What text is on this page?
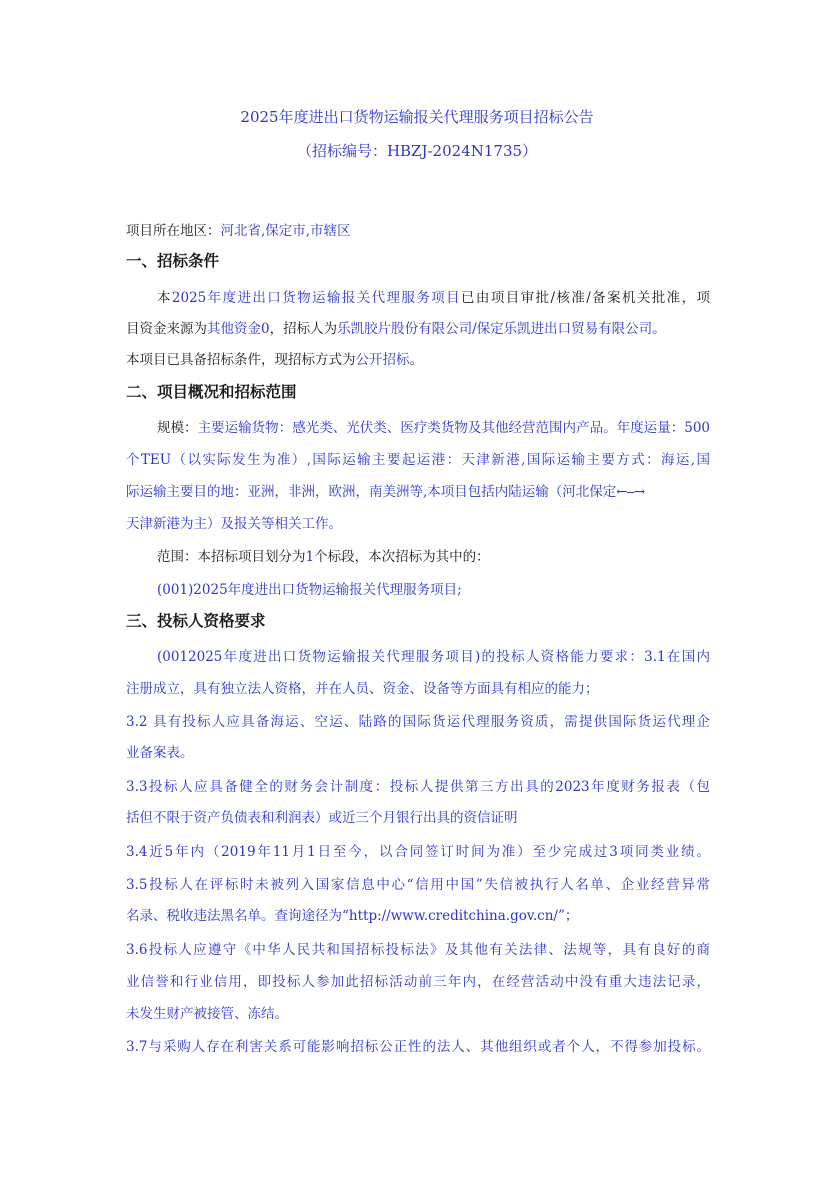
2025年度进出口货物运输报关代理服务项目招标公告
（招标编号：HBZJ-2024N1735）
项目所在地区：河北省,保定市,市辖区
一、招标条件
本2025年度进出口货物运输报关代理服务项目已由项目审批/核准/备案机关批准，项
目资金来源为其他资金0，招标人为乐凯胶片股份有限公司/保定乐凯进出口贸易有限公司。
本项目已具备招标条件，现招标方式为公开招标。
二、项目概况和招标范围
规模：主要运输货物：感光类、光伏类、医疗类货物及其他经营范围内产品。年度运量：500
个TEU（以实际发生为准）,国际运输主要起运港：天津新港,国际运输主要方式：海运,国
际运输主要目的地：亚洲，非洲，欧洲，南美洲等,本项目包括内陆运输（河北保定←--→
天津新港为主）及报关等相关工作。
范围：本招标项目划分为1个标段，本次招标为其中的：
(001)2025年度进出口货物运输报关代理服务项目;
三、投标人资格要求
(0012025年度进出口货物运输报关代理服务项目)的投标人资格能力要求：3.1在国内
注册成立，具有独立法人资格，并在人员、资金、设备等方面具有相应的能力；
3.2 具有投标人应具备海运、空运、陆路的国际货运代理服务资质，需提供国际货运代理企
业备案表。
3.3投标人应具备健全的财务会计制度：投标人提供第三方出具的2023年度财务报表（包
括但不限于资产负债表和利润表）或近三个月银行出具的资信证明
3.4近5年内（2019年11月1日至今，以合同签订时间为准）至少完成过3项同类业绩。
3.5投标人在评标时未被列入国家信息中心“信用中国”失信被执行人名单、企业经营异常
名录、税收违法黑名单。查询途径为“http://www.creditchina.gov.cn/”；
3.6投标人应遵守《中华人民共和国招标投标法》及其他有关法律、法规等，具有良好的商
业信誉和行业信用，即投标人参加此招标活动前三年内，在经营活动中没有重大违法记录，
未发生财产被接管、冻结。
3.7与采购人存在利害关系可能影响招标公正性的法人、其他组织或者个人，不得参加投标。
